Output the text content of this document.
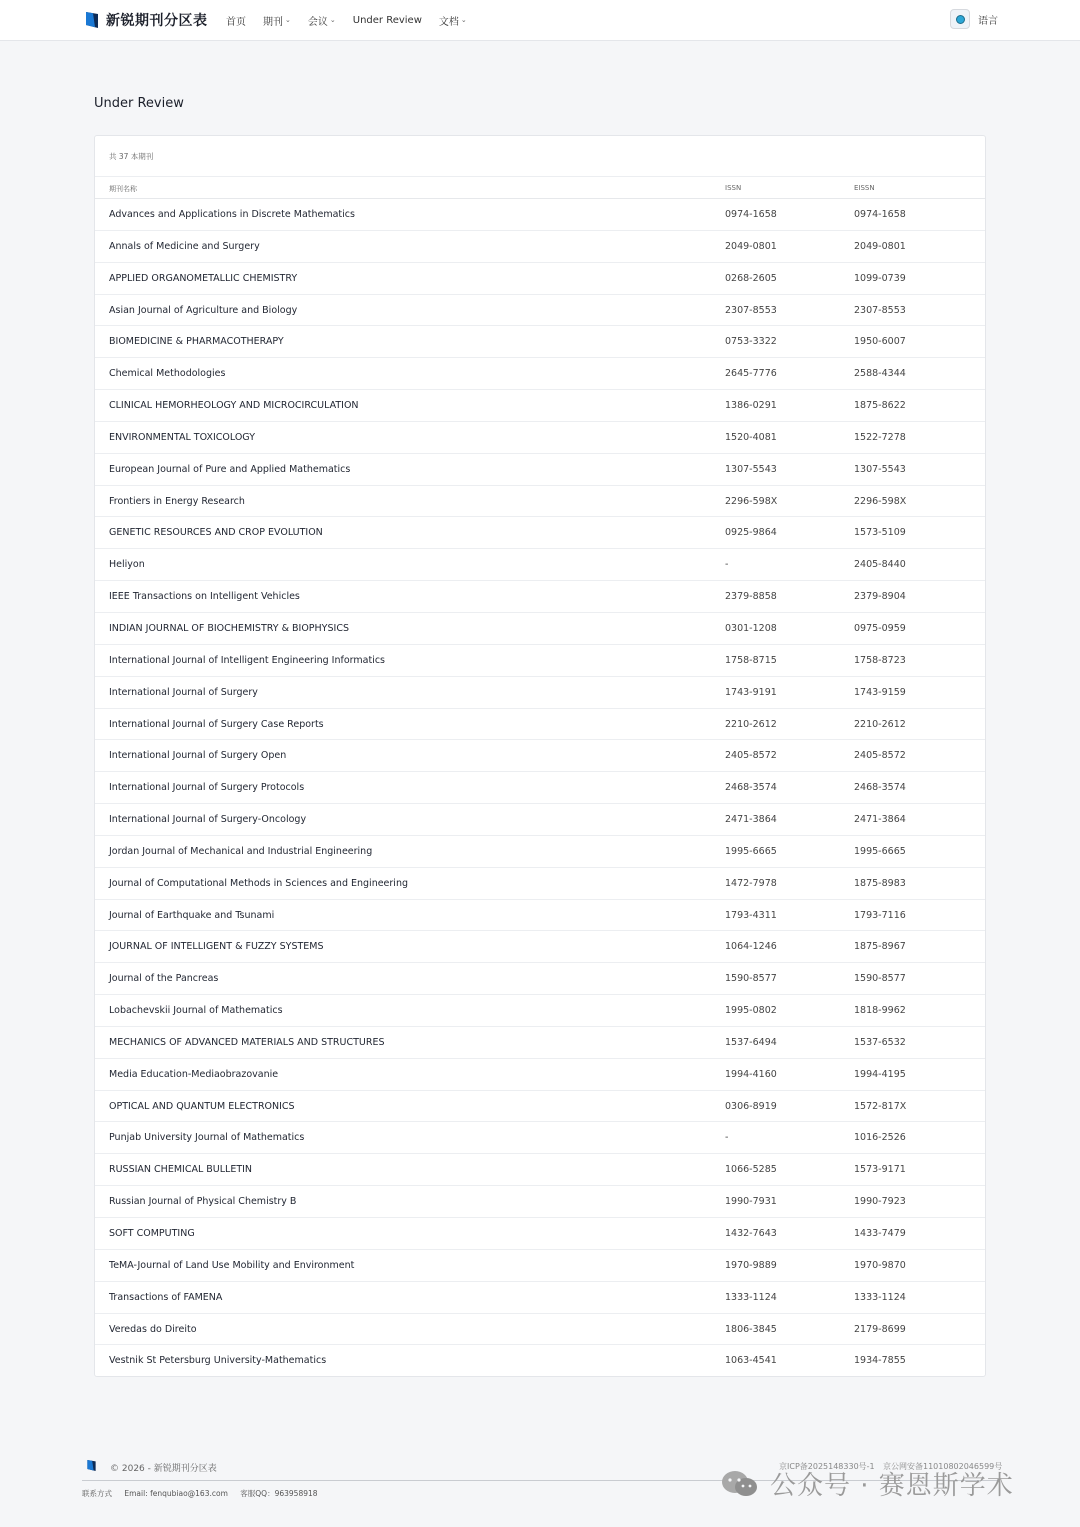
新锐期刊分区表 首页 期刊 ⌄ 会议 ⌄ Under Review 文档 ⌄	语言
Under Review
共 37 本期刊
期刊名称	ISSN	EISSN
Advances and Applications in Discrete Mathematics	0974-1658	0974-1658
Annals of Medicine and Surgery	2049-0801	2049-0801
APPLIED ORGANOMETALLIC CHEMISTRY	0268-2605	1099-0739
Asian Journal of Agriculture and Biology	2307-8553	2307-8553
BIOMEDICINE & PHARMACOTHERAPY	0753-3322	1950-6007
Chemical Methodologies	2645-7776	2588-4344
CLINICAL HEMORHEOLOGY AND MICROCIRCULATION	1386-0291	1875-8622
ENVIRONMENTAL TOXICOLOGY	1520-4081	1522-7278
European Journal of Pure and Applied Mathematics	1307-5543	1307-5543
Frontiers in Energy Research	2296-598X	2296-598X
GENETIC RESOURCES AND CROP EVOLUTION	0925-9864	1573-5109
Heliyon	-	2405-8440
IEEE Transactions on Intelligent Vehicles	2379-8858	2379-8904
INDIAN JOURNAL OF BIOCHEMISTRY & BIOPHYSICS	0301-1208	0975-0959
International Journal of Intelligent Engineering Informatics	1758-8715	1758-8723
International Journal of Surgery	1743-9191	1743-9159
International Journal of Surgery Case Reports	2210-2612	2210-2612
International Journal of Surgery Open	2405-8572	2405-8572
International Journal of Surgery Protocols	2468-3574	2468-3574
International Journal of Surgery-Oncology	2471-3864	2471-3864
Jordan Journal of Mechanical and Industrial Engineering	1995-6665	1995-6665
Journal of Computational Methods in Sciences and Engineering	1472-7978	1875-8983
Journal of Earthquake and Tsunami	1793-4311	1793-7116
JOURNAL OF INTELLIGENT & FUZZY SYSTEMS	1064-1246	1875-8967
Journal of the Pancreas	1590-8577	1590-8577
Lobachevskii Journal of Mathematics	1995-0802	1818-9962
MECHANICS OF ADVANCED MATERIALS AND STRUCTURES	1537-6494	1537-6532
Media Education-Mediaobrazovanie	1994-4160	1994-4195
OPTICAL AND QUANTUM ELECTRONICS	0306-8919	1572-817X
Punjab University Journal of Mathematics	-	1016-2526
RUSSIAN CHEMICAL BULLETIN	1066-5285	1573-9171
Russian Journal of Physical Chemistry B	1990-7931	1990-7923
SOFT COMPUTING	1432-7643	1433-7479
TeMA-Journal of Land Use Mobility and Environment	1970-9889	1970-9870
Transactions of FAMENA	1333-1124	1333-1124
Veredas do Direito	1806-3845	2179-8699
Vestnik St Petersburg University-Mathematics	1063-4541	1934-7855
© 2026 - 新锐期刊分区表	京ICP备2025148330号-1 京公网安备11010802046599号
联系方式 Email: fenqubiao@163.com 客服QQ：963958918	公众号 · 赛恩斯学术
